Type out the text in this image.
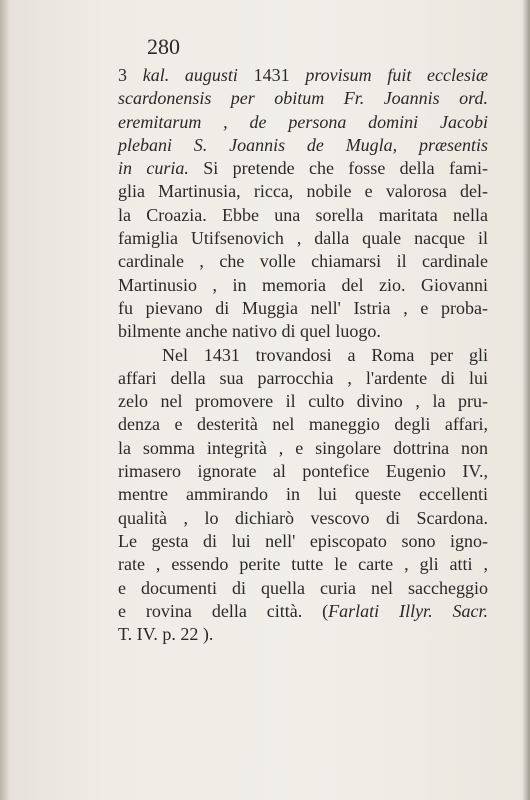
280
3 kal. augusti 1431 provisum fuit ecclesiæ
scardonensis per obitum Fr. Joannis ord.
eremitarum , de persona domini Jacobi
plebani S. Joannis de Mugla, præsentis
in curia. Si pretende che fosse della fami-
glia Martinusia, ricca, nobile e valorosa del-
la Croazia. Ebbe una sorella maritata nella
famiglia Utifsenovich , dalla quale nacque il
cardinale , che volle chiamarsi il cardinale
Martinusio , in memoria del zio. Giovanni
fu pievano di Muggia nell' Istria , e proba-
bilmente anche nativo di quel luogo.
Nel 1431 trovandosi a Roma per gli
affari della sua parrocchia , l'ardente di lui
zelo nel promovere il culto divino , la pru-
denza e desterità nel maneggio degli affari,
la somma integrità , e singolare dottrina non
rimasero ignorate al pontefice Eugenio IV.,
mentre ammirando in lui queste eccellenti
qualità , lo dichiarò vescovo di Scardona.
Le gesta di lui nell' episcopato sono igno-
rate , essendo perite tutte le carte , gli atti ,
e documenti di quella curia nel saccheggio
e rovina della città. (Farlati Illyr. Sacr.
T. IV. p. 22 ).
